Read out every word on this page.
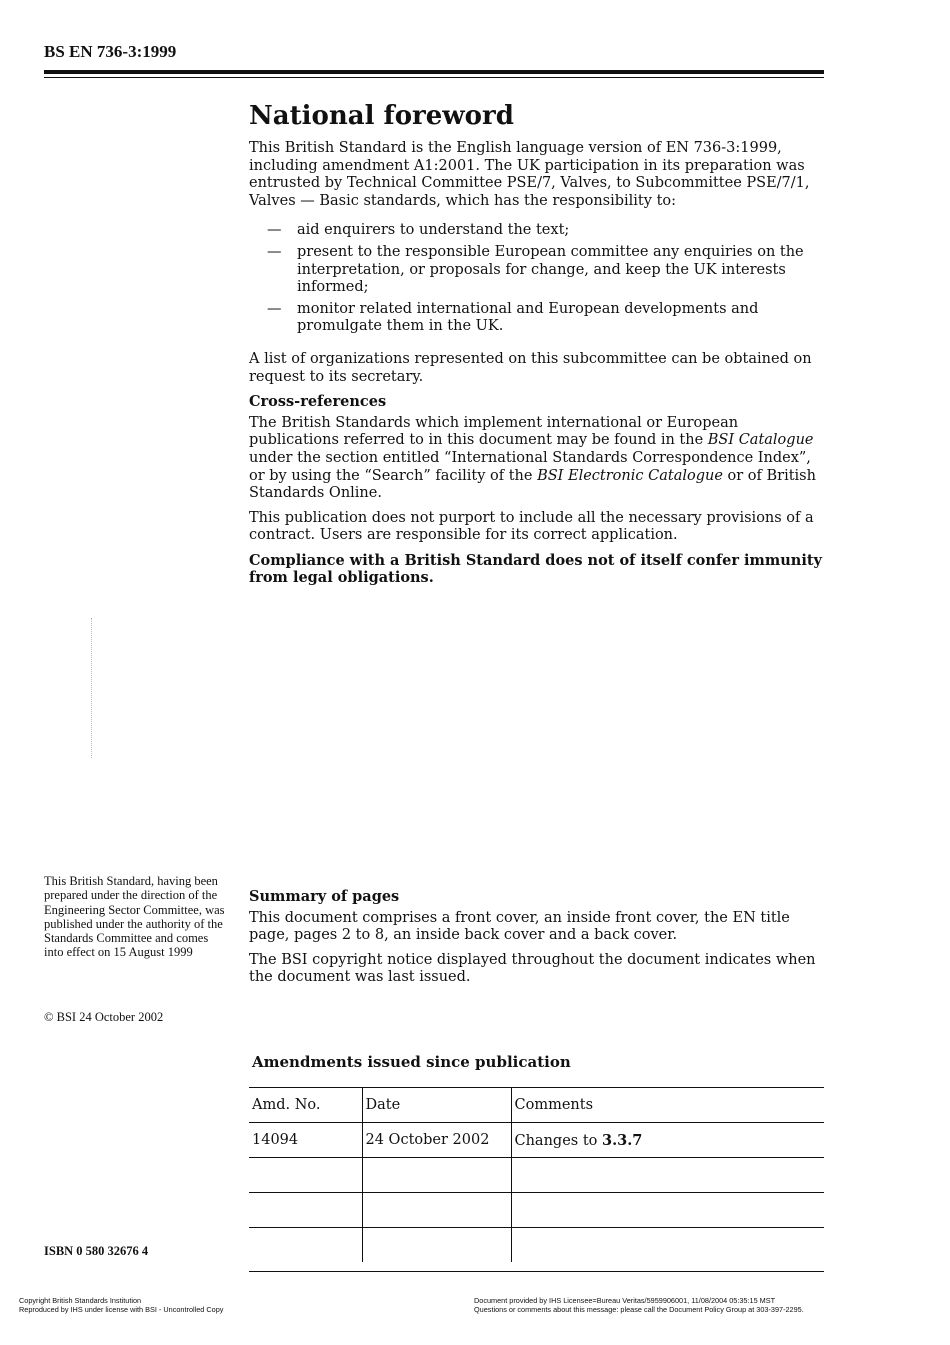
BS EN 736-3:1999
National foreword

This British Standard is the English language version of EN 736-3:1999, including amendment A1:2001. The UK participation in its preparation was entrusted by Technical Committee PSE/7, Valves, to Subcommittee PSE/7/1, Valves — Basic standards, which has the responsibility to:

— aid enquirers to understand the text;
— present to the responsible European committee any enquiries on the interpretation, or proposals for change, and keep the UK interests informed;
— monitor related international and European developments and promulgate them in the UK.

A list of organizations represented on this subcommittee can be obtained on request to its secretary.

Cross-references

The British Standards which implement international or European publications referred to in this document may be found in the BSI Catalogue under the section entitled “International Standards Correspondence Index”, or by using the “Search” facility of the BSI Electronic Catalogue or of British Standards Online.

This publication does not purport to include all the necessary provisions of a contract. Users are responsible for its correct application.

Compliance with a British Standard does not of itself confer immunity from legal obligations.

This British Standard, having been prepared under the direction of the Engineering Sector Committee, was published under the authority of the Standards Committee and comes into effect on 15 August 1999
© BSI 24 October 2002
Summary of pages

This document comprises a front cover, an inside front cover, the EN title page, pages 2 to 8, an inside back cover and a back cover.

The BSI copyright notice displayed throughout the document indicates when the document was last issued.

Amendments issued since publication
Amd. No.	Date	Comments
14094	24 October 2002	Changes to 3.3.7

ISBN 0 580 32676 4
Copyright British Standards Institution
Reproduced by IHS under license with BSI - Uncontrolled Copy
Document provided by IHS Licensee=Bureau Veritas/5959906001, 11/08/2004 05:35:15 MST Questions or comments about this message: please call the Document Policy Group at 303-397-2295.
